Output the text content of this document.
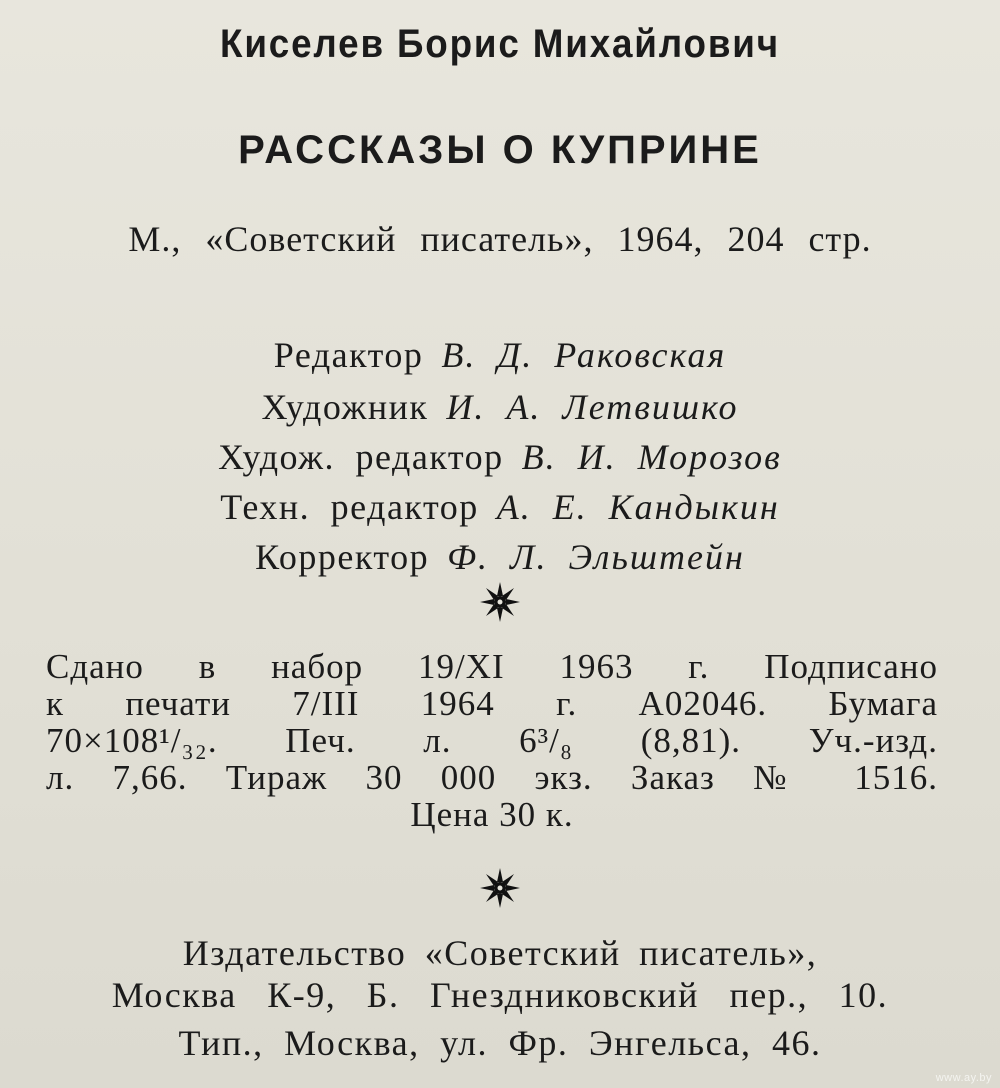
Киселев Борис Михайлович
РАССКАЗЫ О КУПРИНЕ
М., «Советский писатель», 1964, 204 стр.
Редактор В. Д. Раковская
Художник И. А. Летвишко
Худож. редактор В. И. Морозов
Техн. редактор А. Е. Кандыкин
Корректор Ф. Л. Эльштейн
Сдано в набор 19/XI 1963 г. Подписано
к печати 7/III 1964 г. А02046. Бумага
70×108¹/₃₂. Печ. л. 6³/₈ (8,81). Уч.-изд.
л. 7,66. Тираж 30 000 экз. Заказ № 1516.
Цена 30 к.
Издательство «Советский писатель»,
Москва К-9, Б. Гнездниковский пер., 10.
Тип., Москва, ул. Фр. Энгельса, 46.
www.ay.by
